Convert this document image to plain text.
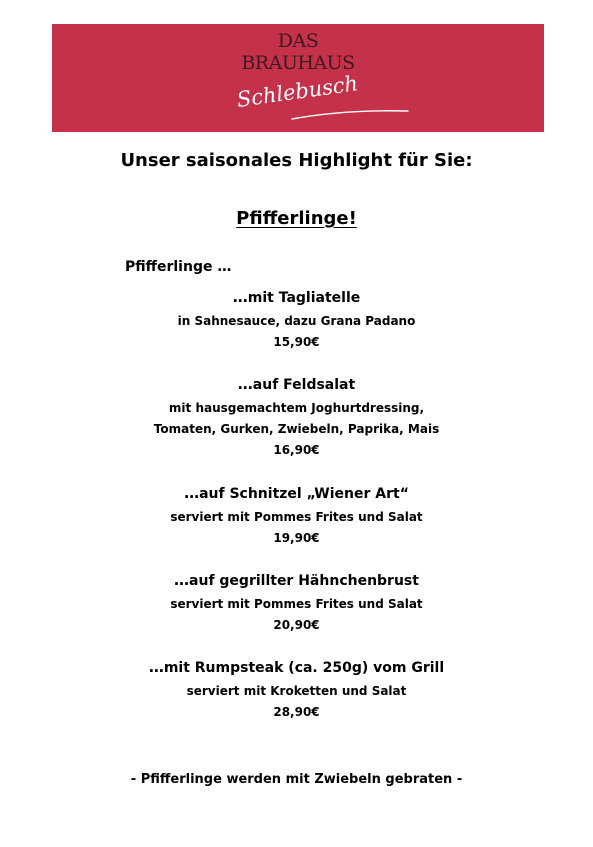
DAS
BRAUHAUS
Schlebusch
Unser saisonales Highlight für Sie:
Pfifferlinge!
Pfifferlinge …
…mit Tagliatelle
in Sahnesauce, dazu Grana Padano
15,90€
…auf Feldsalat
mit hausgemachtem Joghurtdressing,
Tomaten, Gurken, Zwiebeln, Paprika, Mais
16,90€
…auf Schnitzel „Wiener Art“
serviert mit Pommes Frites und Salat
19,90€
…auf gegrillter Hähnchenbrust
serviert mit Pommes Frites und Salat
20,90€
…mit Rumpsteak (ca. 250g) vom Grill
serviert mit Kroketten und Salat
28,90€
- Pfifferlinge werden mit Zwiebeln gebraten -
